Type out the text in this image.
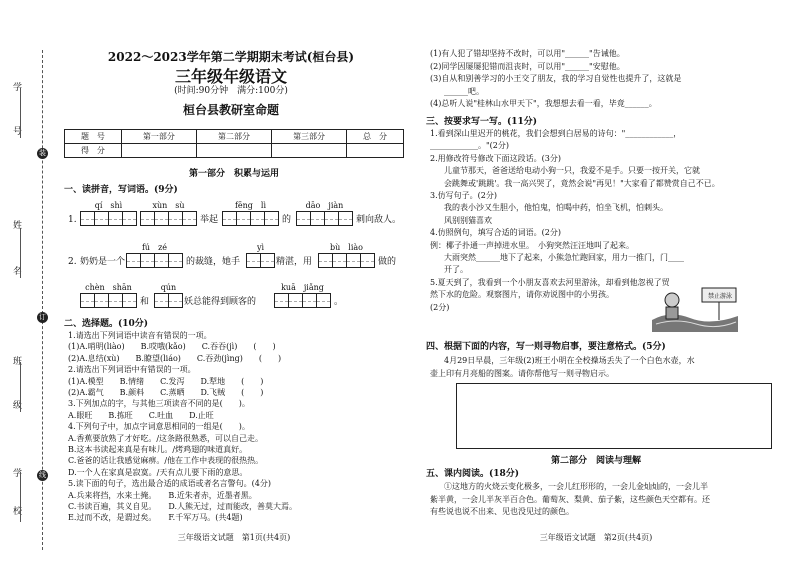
学
号
姓
名
班
级
学
校
装
订
线
2022～2023学年第二学期期末考试(桓台县)
三年级年级语文
(时间:90分钟　满分:100分)
桓台县教研室命题
题　号	第一部分	第二部分	第三部分	总　分
得　分				
第一部分　积累与运用
一、读拼音，写词语。(9分)
1.
qí　shì	xùn　sù
举起
fēng　lì
的
dāo　jiàn
刺向敌人。
2. 奶奶是一个
fú　zé
的裁缝，她手
yì
精湛，用
bù　liào
做的
chèn　shān
和
qún
妖总能得到顾客的
kuā　jiǎng
。
二、选择题。(10分)
1.请选出下列词语中读音有错误的一项。
(1)A.哨明(liào)　　B.哎哦(kǎo)　　C.吞吞(jì)　　(　　)
(2)A.息结(xù)　　B.瞭望(liáo)　　C.吞劲(jìng)　　(　　)
2.请选出下列词语中有错误的一项。
(1)A.模型　　B.情绪　　C.发泻　　D.犁地　　(　　)
(2)A.霸气　　B.颜料　　C.蒸晒　　D.飞贼　　(　　)
3.下列加点的字，与其他三项读音不同的是(　　)。
A.眼旺　　B.拣旺　　C.吐血　　D.止旺
4.下列句子中，加点字词意思相同的一组是(　　)。
A.香蕉要放熟了才好吃。/这条路很熟悉，可以自己走。
B.这本书读起来真是有味儿。/烤鸡翅的味道真好。
C.爸爸的话让我感觉麻痹。/他在工作中表现的很热热。
D.一个人在家真是寂寞。/天有点儿要下雨的意思。
5.读下面的句子，选出最合适的成语或者名言警句。(4分)
A.兵来将挡，水来土掩。　　B.近朱者赤，近墨者黑。
C.书读百遍，其义自见。　　D.人熊无过，过而能改，善莫大焉。
E.过而不改，是谓过矣。　　F.千军万马。(共4题)
三年级语文试题　第1页(共4页)
(1)有人犯了错却坚持不改时，可以用"______"告诫他。
(2)同学因屡屡犯错而沮丧时，可以用"______"安慰他。
(3)自从和别善学习的小王交了朋友，我的学习自觉性也提升了，这就是
______吧。
(4)总听人说"桂林山水甲天下"，我想想去看一看，毕竟______。
三、按要求写一写。(11分)
1.看到深山里迟开的桃花，我们会想到白居易的诗句："____________，
____________。"(2分)
2.用修改符号修改下面这段话。(3分)
儿童节那天，爸爸送给电动小狗一只，我爱不是手。只要一按开关，它就
会跳舞或'跳跳'。我一高兴哭了，竟然会说"再见！"大家看了都赞赏自己不已。
3.仿写句子。(2分)
我的表小沙又生胆小，他怕鬼，怕喝中药，怕坐飞机，怕刺头。
风别别猫喜欢
4.仿照例句，填写合适的词语。(2分)
例：椰子扑通一声掉进水里。　小狗突然汪汪地叫了起来。
大雨突然______地下了起来，小熊急忙跑回家，用力一推门，门____
开了。
5.夏天到了，我看到一个小朋友喜欢去河里游泳，却看到他忽视了贸
然下水的危险。观察图片，请你劝说图中的小男孩。
(2分)
禁止游泳
四、根据下面的内容，写一则寻物启事，要注意格式。(5分)
4月29日早晨，三年级(2)班王小明在全校操场丢失了一个白色水壶，水
壶上印有月亮船的图案。请你帮他写一则寻物启示。
第二部分　阅读与理解
五、课内阅读。(18分)
①这地方的火烧云变化极多，一会儿红形形的，一会儿金灿灿的，一会儿半
紫半黄，一会儿半灰半百合色。葡萄灰、梨黄、茄子紫，这些颜色天空都有。还
有些说也说不出来、见也没见过的颜色。
三年级语文试题　第2页(共4页)
